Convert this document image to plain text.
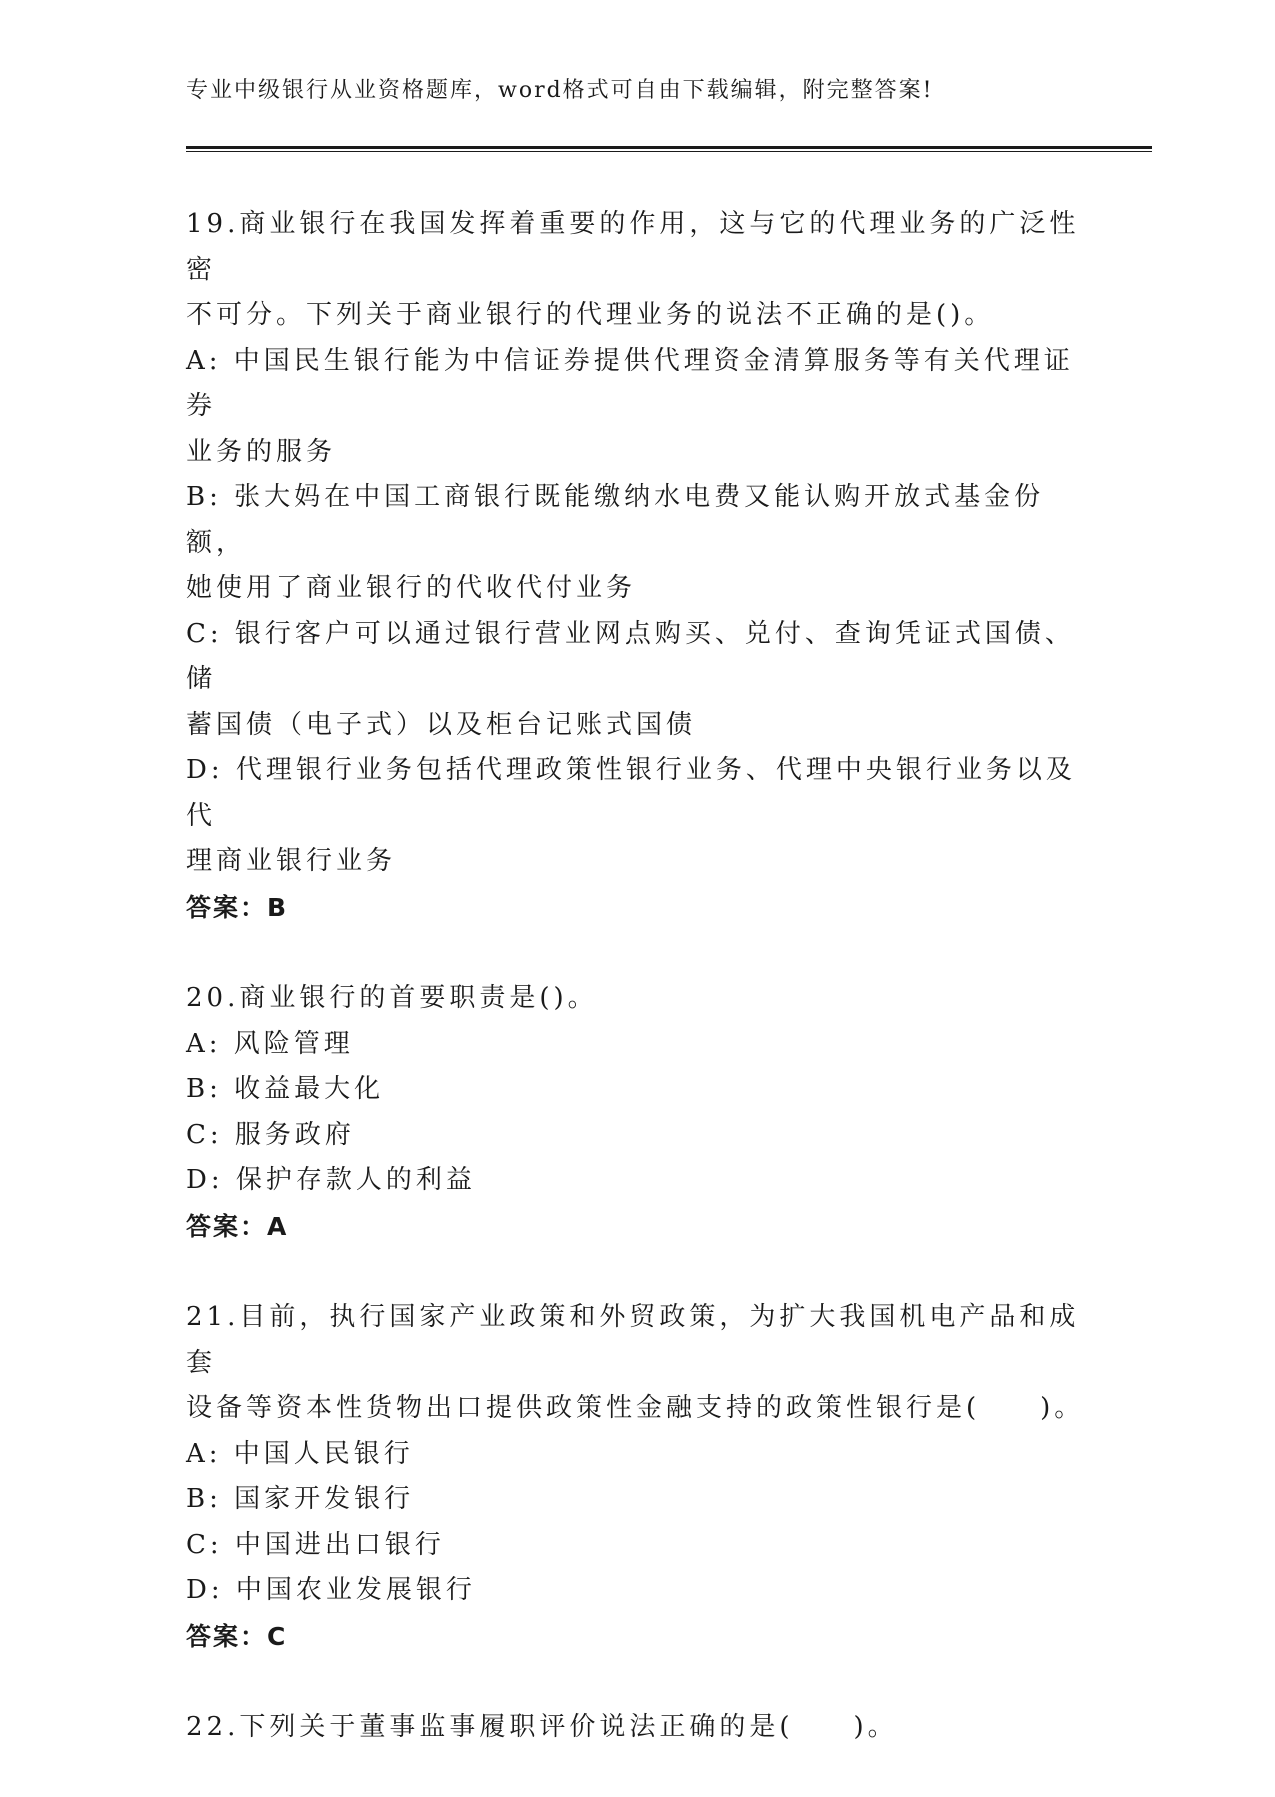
专业中级银行从业资格题库，word格式可自由下载编辑，附完整答案!

19.商业银行在我国发挥着重要的作用，这与它的代理业务的广泛性密

不可分。下列关于商业银行的代理业务的说法不正确的是()。

A: 中国民生银行能为中信证券提供代理资金清算服务等有关代理证券

业务的服务

B: 张大妈在中国工商银行既能缴纳水电费又能认购开放式基金份额，

她使用了商业银行的代收代付业务

C: 银行客户可以通过银行营业网点购买、兑付、查询凭证式国债、储

蓄国债（电子式）以及柜台记账式国债

D: 代理银行业务包括代理政策性银行业务、代理中央银行业务以及代

理商业银行业务

答案：B

20.商业银行的首要职责是()。

A: 风险管理

B: 收益最大化

C: 服务政府

D: 保护存款人的利益

答案：A

21.目前，执行国家产业政策和外贸政策，为扩大我国机电产品和成套

设备等资本性货物出口提供政策性金融支持的政策性银行是(　　)。

A: 中国人民银行

B: 国家开发银行

C: 中国进出口银行

D: 中国农业发展银行

答案：C

22.下列关于董事监事履职评价说法正确的是(　　)。
